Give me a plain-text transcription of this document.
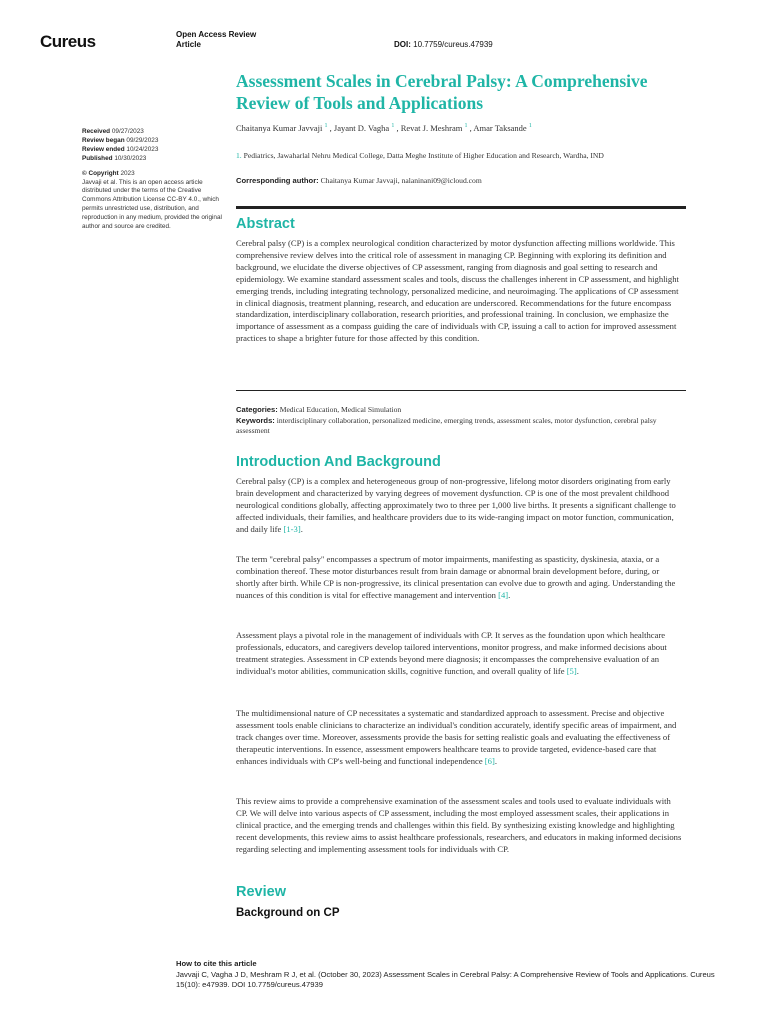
Cureus	Open Access Review
Article	DOI: 10.7759/cureus.47939
Assessment Scales in Cerebral Palsy: A Comprehensive Review of Tools and Applications
Chaitanya Kumar Javvaji $^1$ , Jayant D. Vagha $^1$ , Revat J. Meshram $^1$ , Amar Taksande $^1$
1. Pediatrics, Jawaharlal Nehru Medical College, Datta Meghe Institute of Higher Education and Research, Wardha, IND
Corresponding author: Chaitanya Kumar Javvaji, nalaninani09@icloud.com
Received 09/27/2023
Review began 09/29/2023
Review ended 10/24/2023
Published 10/30/2023
© Copyright 2023
Javvaji et al. This is an open access article distributed under the terms of the Creative Commons Attribution License CC-BY 4.0., which permits unrestricted use, distribution, and reproduction in any medium, provided the original author and source are credited.	Abstract

Cerebral palsy (CP) is a complex neurological condition characterized by motor dysfunction affecting millions worldwide. This comprehensive review delves into the critical role of assessment in managing CP. Beginning with exploring its definition and background, we elucidate the diverse objectives of CP assessment, ranging from diagnosis and goal setting to research and epidemiology. We examine standard assessment scales and tools, discuss the challenges inherent in CP assessment, and highlight emerging trends, including integrating technology, personalized medicine, and neuroimaging. The applications of CP assessment in clinical diagnosis, treatment planning, research, and education are underscored. Recommendations for the future encompass standardization, interdisciplinary collaboration, research priorities, and professional training. In conclusion, we emphasize the importance of assessment as a compass guiding the care of individuals with CP, issuing a call to action for improved assessment practices to shape a brighter future for those affected by this condition.

Categories: Medical Education, Medical Simulation
Keywords: interdisciplinary collaboration, personalized medicine, emerging trends, assessment scales, motor dysfunction, cerebral palsy assessment
Introduction And Background

Cerebral palsy (CP) is a complex and heterogeneous group of non-progressive, lifelong motor disorders originating from early brain development and characterized by varying degrees of movement dysfunction. CP is one of the most prevalent childhood neurological conditions globally, affecting approximately two to three per 1,000 live births. It presents a significant challenge to affected individuals, their families, and healthcare providers due to its wide-ranging impact on motor function, communication, and daily life [1-3].

The term "cerebral palsy" encompasses a spectrum of motor impairments, manifesting as spasticity, dyskinesia, ataxia, or a combination thereof. These motor disturbances result from brain damage or abnormal brain development before, during, or shortly after birth. While CP is non-progressive, its clinical presentation can evolve due to growth and aging. Understanding the nuances of this condition is vital for effective management and intervention [4].

Assessment plays a pivotal role in the management of individuals with CP. It serves as the foundation upon which healthcare professionals, educators, and caregivers develop tailored interventions, monitor progress, and make informed decisions about treatment strategies. Assessment in CP extends beyond mere diagnosis; it encompasses the comprehensive evaluation of an individual's motor abilities, communication skills, cognitive function, and overall quality of life [5].

The multidimensional nature of CP necessitates a systematic and standardized approach to assessment. Precise and objective assessment tools enable clinicians to characterize an individual's condition accurately, identify specific areas of impairment, and track changes over time. Moreover, assessments provide the basis for setting realistic goals and evaluating the effectiveness of therapeutic interventions. In essence, assessment empowers healthcare teams to provide targeted, evidence-based care that enhances individuals with CP's well-being and functional independence [6].

This review aims to provide a comprehensive examination of the assessment scales and tools used to evaluate individuals with CP. We will delve into various aspects of CP assessment, including the most employed assessment scales, their applications in clinical practice, and the emerging trends and challenges within this field. By synthesizing existing knowledge and highlighting recent developments, this review aims to assist healthcare professionals, researchers, and educators in making informed decisions regarding selecting and implementing assessment tools for individuals with CP.

Review
Background on CP
How to cite this article
Javvaji C, Vagha J D, Meshram R J, et al. (October 30, 2023) Assessment Scales in Cerebral Palsy: A Comprehensive Review of Tools and Applications. Cureus 15(10): e47939. DOI 10.7759/cureus.47939
